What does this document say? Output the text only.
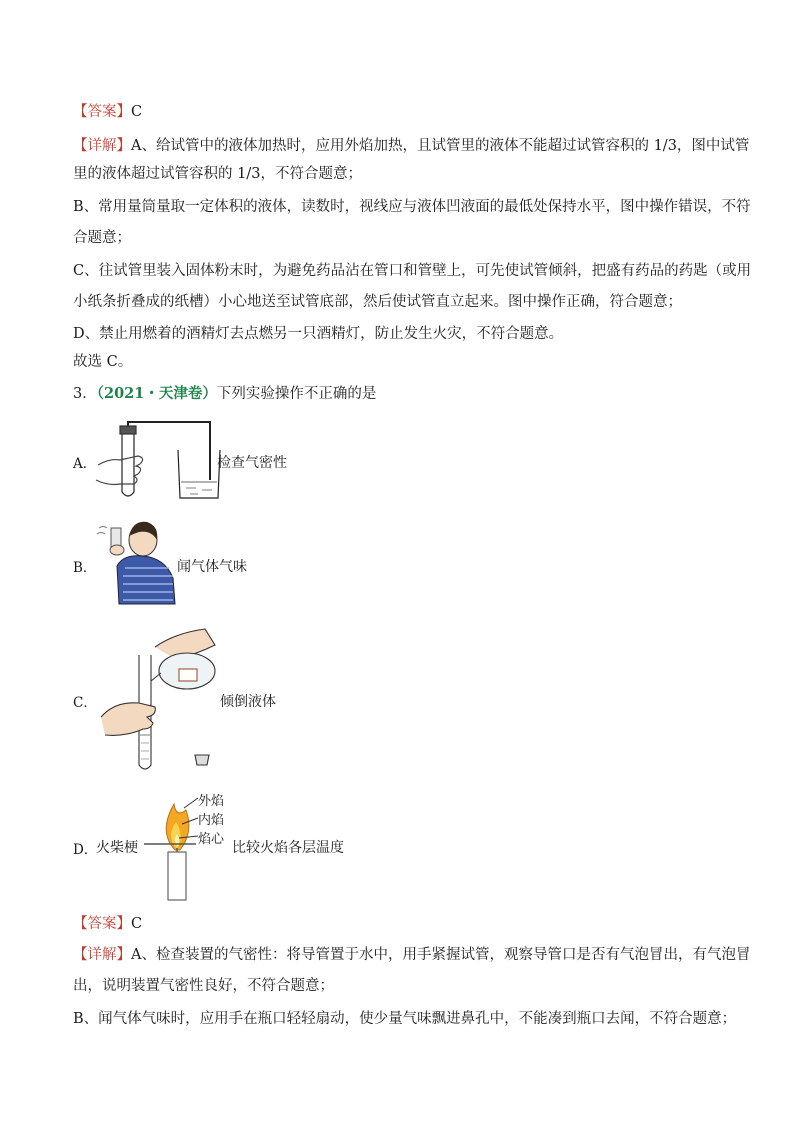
【答案】C
【详解】A、给试管中的液体加热时，应用外焰加热，且试管里的液体不能超过试管容积的 1/3，图中试管
里的液体超过试管容积的 1/3，不符合题意；
B、常用量筒量取一定体积的液体，读数时，视线应与液体凹液面的最低处保持水平，图中操作错误，不符
合题意；
C、往试管里装入固体粉末时，为避免药品沾在管口和管壁上，可先使试管倾斜，把盛有药品的药匙（或用
小纸条折叠成的纸槽）小心地送至试管底部，然后使试管直立起来。图中操作正确，符合题意；
D、禁止用燃着的酒精灯去点燃另一只酒精灯，防止发生火灾，不符合题意。
故选 C。
3．（2021・天津卷）下列实验操作不正确的是
A．	检查气密性
B．	闻气体气味
C．	倾倒液体
D．
火柴梗
外焰
内焰
焰心
比较火焰各层温度
【答案】C
【详解】A、检查装置的气密性：将导管置于水中，用手紧握试管，观察导管口是否有气泡冒出，有气泡冒
出，说明装置气密性良好，不符合题意；
B、闻气体气味时，应用手在瓶口轻轻扇动，使少量气味飘进鼻孔中，不能凑到瓶口去闻，不符合题意；
